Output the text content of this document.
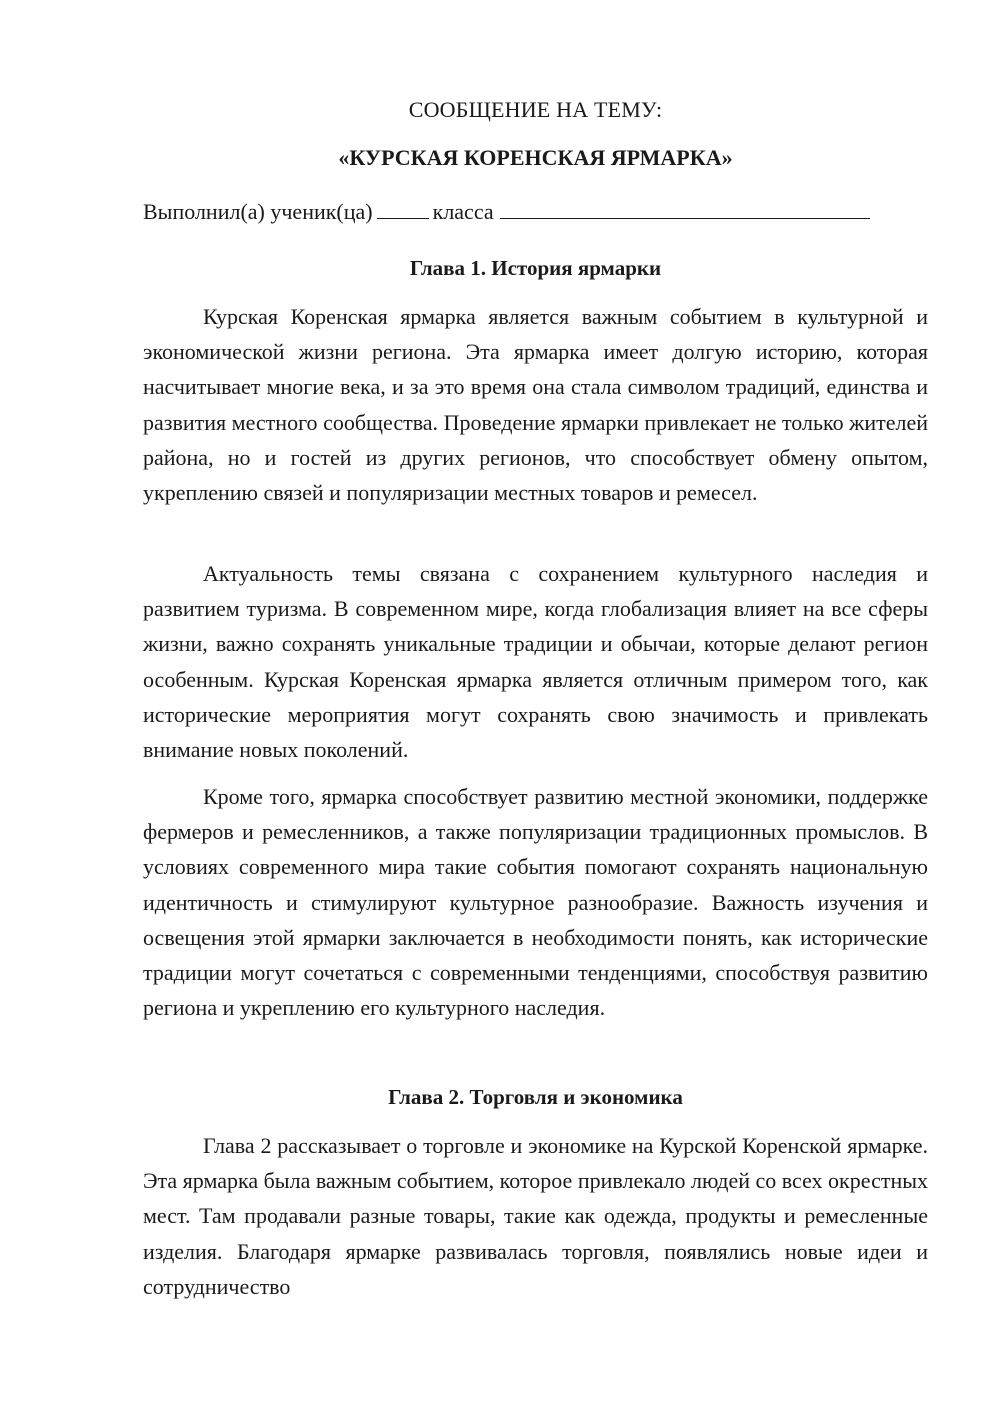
СООБЩЕНИЕ НА ТЕМУ:
«КУРСКАЯ КОРЕНСКАЯ ЯРМАРКА»
Выполнил(а) ученик(ца)	класса
Глава 1. История ярмарки

Курская Коренская ярмарка является важным событием в культурной и экономической жизни региона. Эта ярмарка имеет долгую историю, которая насчитывает многие века, и за это время она стала символом традиций, единства и развития местного сообщества. Проведение ярмарки привлекает не только жителей района, но и гостей из других регионов, что способствует обмену опытом, укреплению связей и популяризации местных товаров и ремесел.

Актуальность темы связана с сохранением культурного наследия и развитием туризма. В современном мире, когда глобализация влияет на все сферы жизни, важно сохранять уникальные традиции и обычаи, которые делают регион особенным. Курская Коренская ярмарка является отличным примером того, как исторические мероприятия могут сохранять свою значимость и привлекать внимание новых поколений.

Кроме того, ярмарка способствует развитию местной экономики, поддержке фермеров и ремесленников, а также популяризации традиционных промыслов. В условиях современного мира такие события помогают сохранять национальную идентичность и стимулируют культурное разнообразие. Важность изучения и освещения этой ярмарки заключается в необходимости понять, как исторические традиции могут сочетаться с современными тенденциями, способствуя развитию региона и укреплению его культурного наследия.

Глава 2. Торговля и экономика

Глава 2 рассказывает о торговле и экономике на Курской Коренской ярмарке. Эта ярмарка была важным событием, которое привлекало людей со всех окрестных мест. Там продавали разные товары, такие как одежда, продукты и ремесленные изделия. Благодаря ярмарке развивалась торговля, появлялись новые идеи и сотрудничество
